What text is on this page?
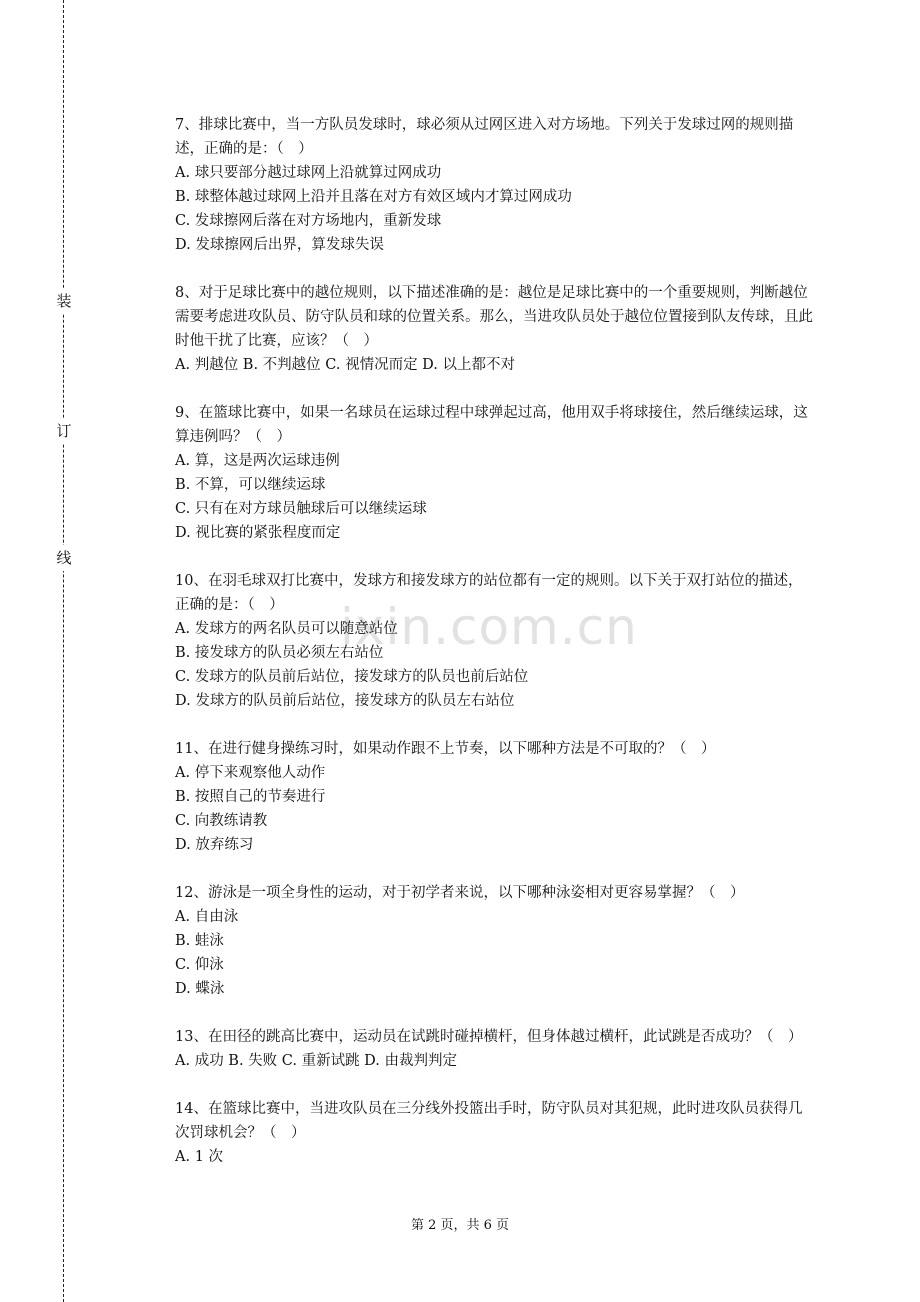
装
订
线
ixin.com.cn

7、排球比赛中，当一方队员发球时，球必须从过网区进入对方场地。下列关于发球过网的规则描述，正确的是：（　）

A. 球只要部分越过球网上沿就算过网成功

B. 球整体越过球网上沿并且落在对方有效区域内才算过网成功

C. 发球擦网后落在对方场地内，重新发球

D. 发球擦网后出界，算发球失误

8、对于足球比赛中的越位规则，以下描述准确的是：越位是足球比赛中的一个重要规则，判断越位需要考虑进攻队员、防守队员和球的位置关系。那么，当进攻队员处于越位位置接到队友传球，且此时他干扰了比赛，应该？（　）

A. 判越位 B. 不判越位 C. 视情况而定 D. 以上都不对

9、在篮球比赛中，如果一名球员在运球过程中球弹起过高，他用双手将球接住，然后继续运球，这算违例吗？（　）

A. 算，这是两次运球违例

B. 不算，可以继续运球

C. 只有在对方球员触球后可以继续运球

D. 视比赛的紧张程度而定

10、在羽毛球双打比赛中，发球方和接发球方的站位都有一定的规则。以下关于双打站位的描述，正确的是：（　）

A. 发球方的两名队员可以随意站位

B. 接发球方的队员必须左右站位

C. 发球方的队员前后站位，接发球方的队员也前后站位

D. 发球方的队员前后站位，接发球方的队员左右站位

11、在进行健身操练习时，如果动作跟不上节奏，以下哪种方法是不可取的？（　）

A. 停下来观察他人动作

B. 按照自己的节奏进行

C. 向教练请教

D. 放弃练习

12、游泳是一项全身性的运动，对于初学者来说，以下哪种泳姿相对更容易掌握？（　）

A. 自由泳

B. 蛙泳

C. 仰泳

D. 蝶泳

13、在田径的跳高比赛中，运动员在试跳时碰掉横杆，但身体越过横杆，此试跳是否成功？（　）

A. 成功 B. 失败 C. 重新试跳 D. 由裁判判定

14、在篮球比赛中，当进攻队员在三分线外投篮出手时，防守队员对其犯规，此时进攻队员获得几次罚球机会？（　）

A. 1 次

第 2 页，共 6 页
